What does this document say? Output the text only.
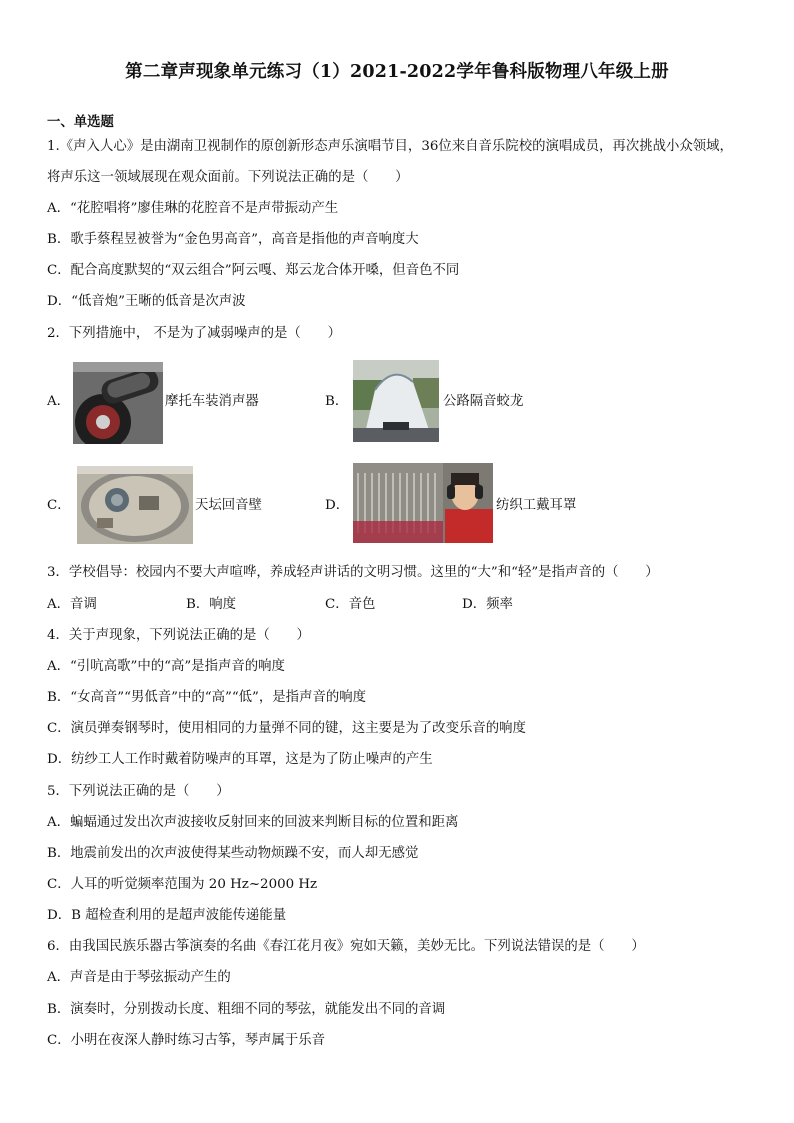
第二章声现象单元练习（1）2021-2022学年鲁科版物理八年级上册
一、单选题
1.《声入人心》是由湖南卫视制作的原创新形态声乐演唱节目，36位来自音乐院校的演唱成员，再次挑战小众领域，
将声乐这一领域展现在观众面前。下列说法正确的是（　　）
A．“花腔唱将”廖佳琳的花腔音不是声带振动产生
B．歌手蔡程昱被誉为“金色男高音”，高音是指他的声音响度大
C．配合高度默契的“双云组合”阿云嘎、郑云龙合体开嗓，但音色不同
D．“低音炮”王晰的低音是次声波
2．下列措施中， 不是为了减弱噪声的是（　　）
A．	摩托车装消声器	B．	公路隔音蛟龙
C．	天坛回音壁	D．	纺织工戴耳罩
3．学校倡导：校园内不要大声喧哗，养成轻声讲话的文明习惯。这里的“大”和“轻”是指声音的（　　）
A．音调	B．响度	C．音色	D．频率
4．关于声现象，下列说法正确的是（　　）
A．“引吭高歌”中的“高”是指声音的响度
B．“女高音”“男低音”中的“高”“低”，是指声音的响度
C．演员弹奏钢琴时，使用相同的力量弹不同的键，这主要是为了改变乐音的响度
D．纺纱工人工作时戴着防噪声的耳罩，这是为了防止噪声的产生
5．下列说法正确的是（　　）
A．蝙蝠通过发出次声波接收反射回来的回波来判断目标的位置和距离
B．地震前发出的次声波使得某些动物烦躁不安，而人却无感觉
C．人耳的听觉频率范围为 20 Hz~2000 Hz
D．B 超检查利用的是超声波能传递能量
6．由我国民族乐器古筝演奏的名曲《春江花月夜》宛如天籁，美妙无比。下列说法错误的是（　　）
A．声音是由于琴弦振动产生的
B．演奏时，分别拨动长度、粗细不同的琴弦，就能发出不同的音调
C．小明在夜深人静时练习古筝，琴声属于乐音
